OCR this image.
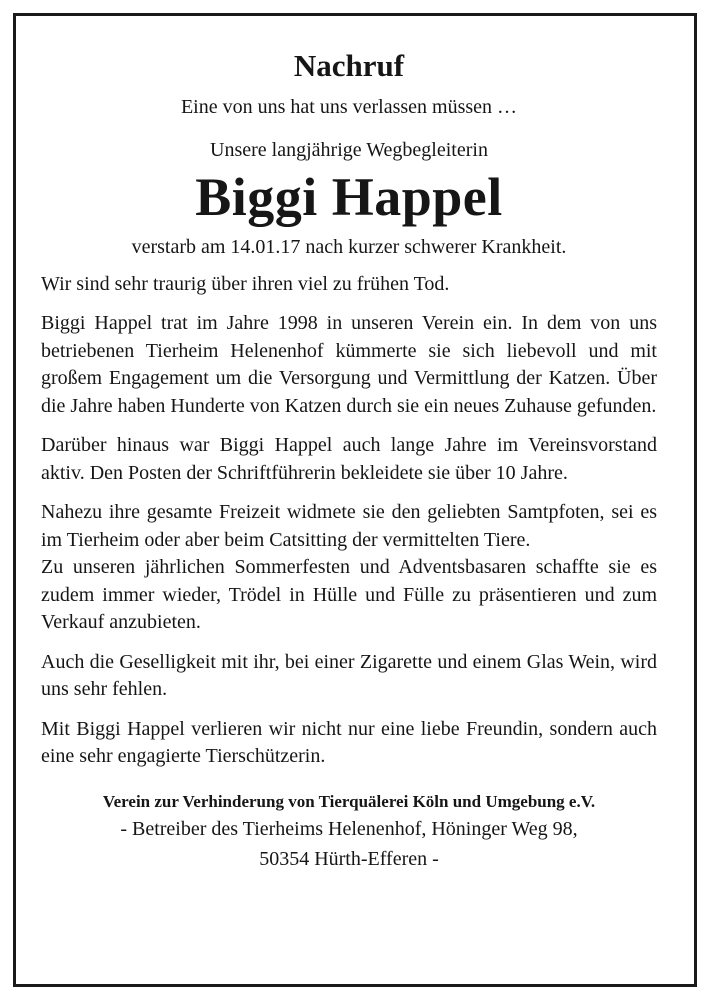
Nachruf
Eine von uns hat uns verlassen müssen …
Unsere langjährige Wegbegleiterin
Biggi Happel
verstarb am 14.01.17 nach kurzer schwerer Krankheit.

Wir sind sehr traurig über ihren viel zu frühen Tod.

Biggi Happel trat im Jahre 1998 in unseren Verein ein. In dem von uns betriebenen Tierheim Helenenhof kümmerte sie sich liebevoll und mit großem Engagement um die Versorgung und Vermittlung der Katzen. Über die Jahre haben Hunderte von Katzen durch sie ein neues Zuhause gefunden.

Darüber hinaus war Biggi Happel auch lange Jahre im Vereinsvorstand aktiv. Den Posten der Schriftführerin bekleidete sie über 10 Jahre.

Nahezu ihre gesamte Freizeit widmete sie den geliebten Samtpfoten, sei es im Tierheim oder aber beim Catsitting der vermittelten Tiere.

Zu unseren jährlichen Sommerfesten und Adventsbasaren schaffte sie es zudem immer wieder, Trödel in Hülle und Fülle zu präsentieren und zum Verkauf anzubieten.

Auch die Geselligkeit mit ihr, bei einer Zigarette und einem Glas Wein, wird uns sehr fehlen.

Mit Biggi Happel verlieren wir nicht nur eine liebe Freundin, sondern auch eine sehr engagierte Tierschützerin.

Verein zur Verhinderung von Tierquälerei Köln und Umgebung e.V.
- Betreiber des Tierheims Helenenhof, Höninger Weg 98,
50354 Hürth-Efferen -
